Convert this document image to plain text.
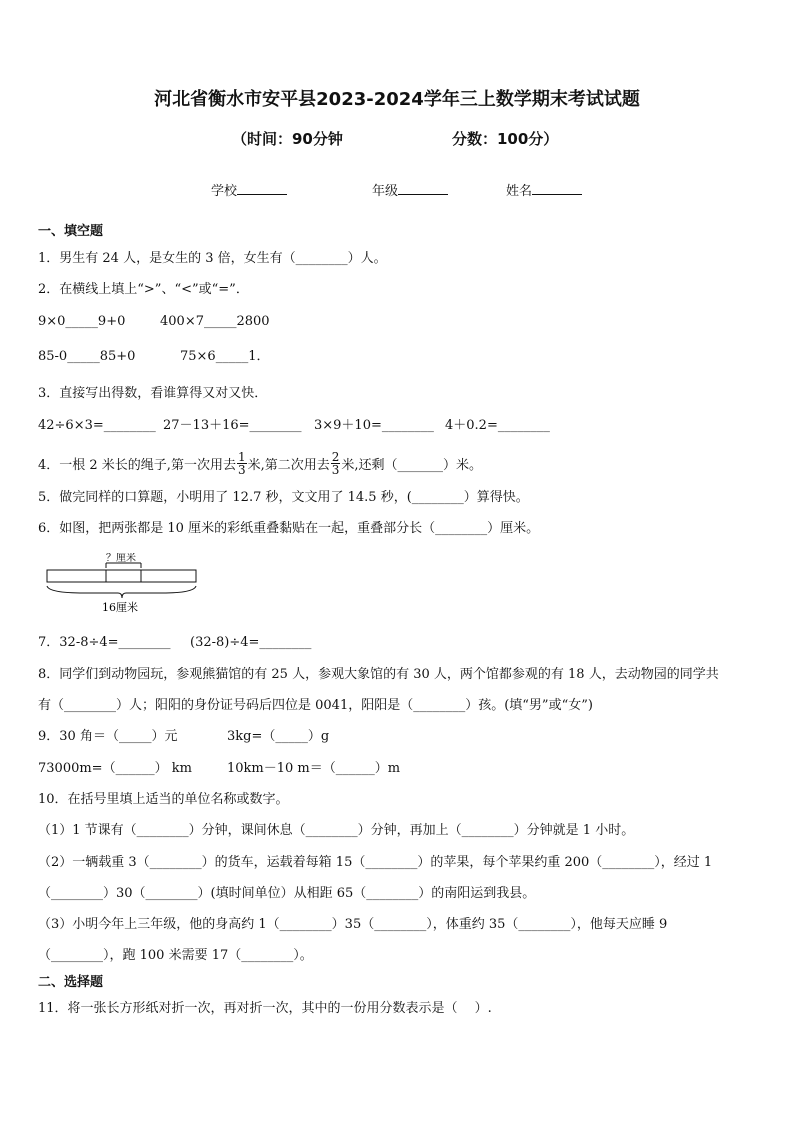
河北省衡水市安平县2023-2024学年三上数学期末考试试题
（时间：90分钟	分数：100分）
学校	年级	姓名
一、填空题
1．男生有 24 人，是女生的 3 倍，女生有（________）人。
2．在横线上填上“>”、“<”或“=”．
9×0_____9+0	400×7_____2800
85-0_____85+0	75×6_____1．
3．直接写出得数，看谁算得又对又快．
42÷6×3=________ 27－13＋16=________ 3×9＋10=________ 4＋0.2=________
4．一根 2 米长的绳子,第一次用去 $\frac{1}{3}$ 米,第二次用去 $\frac{2}{3}$ 米,还剩（_______）米。
5．做完同样的口算题，小明用了 12.7 秒，文文用了 14.5 秒，(________）算得快。
6．如图，把两张都是 10 厘米的彩纸重叠黏贴在一起，重叠部分长（________）厘米。
？厘米
16厘米
7．32-8÷4=________ (32-8)÷4=________
8．同学们到动物园玩，参观熊猫馆的有 25 人，参观大象馆的有 30 人，两个馆都参观的有 18 人，去动物园的同学共
有（________）人；阳阳的身份证号码后四位是 0041，阳阳是（________）孩。(填“男”或“女”)
9．30 角＝（_____）元	3kg=（_____）g
73000m=（______） km	10km－10 m＝（______）m
10．在括号里填上适当的单位名称或数字。
（1）1 节课有（________）分钟，课间休息（________）分钟，再加上（________）分钟就是 1 小时。
（2）一辆载重 3（________）的货车，运载着每箱 15（________）的苹果，每个苹果约重 200（________），经过 1
（________）30（________）(填时间单位）从相距 65（________）的南阳运到我县。
（3）小明今年上三年级，他的身高约 1（________）35（________），体重约 35（________），他每天应睡 9
（________），跑 100 米需要 17（________）。
二、选择题
11．将一张长方形纸对折一次，再对折一次，其中的一份用分数表示是（　 ）.
